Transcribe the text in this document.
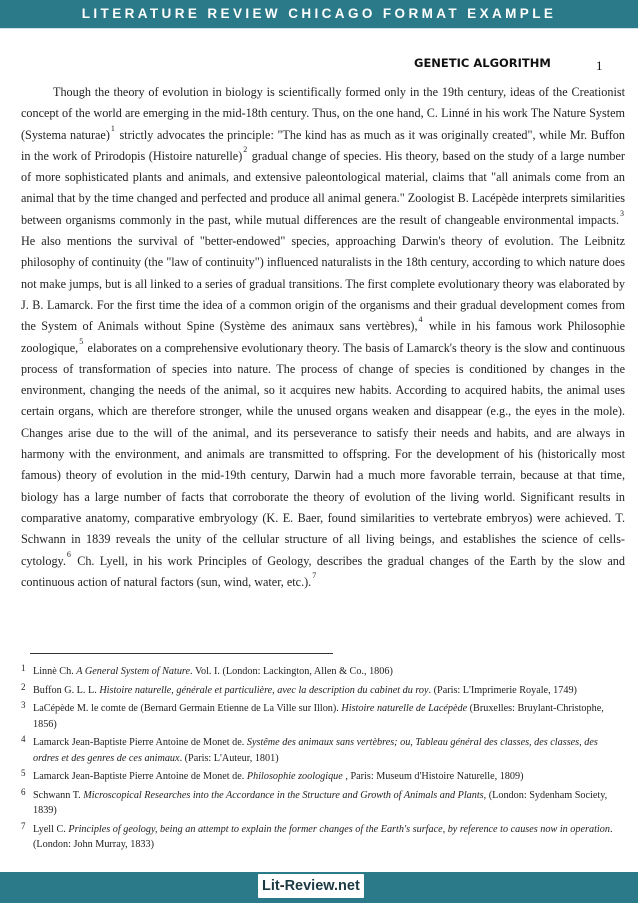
LITERATURE REVIEW CHICAGO FORMAT EXAMPLE
GENETIC ALGORITHM	1

Though the theory of evolution in biology is scientifically formed only in the 19th century, ideas of the Creationist concept of the world are emerging in the mid-18th century. Thus, on the one hand, C. Linné in his work The Nature System (Systema naturae)$^1$ strictly advocates the principle: "The kind has as much as it was originally created", while Mr. Buffon in the work of Prirodopis (Histoire naturelle)$^2$ gradual change of species. His theory, based on the study of a large number of more sophisticated plants and animals, and extensive paleontological material, claims that "all animals come from an animal that by the time changed and perfected and produce all animal genera." Zoologist B. Lacépède interprets similarities between organisms commonly in the past, while mutual differences are the result of changeable environmental impacts.$^3$ He also mentions the survival of "better-endowed" species, approaching Darwin's theory of evolution. The Leibnitz philosophy of continuity (the "law of continuity") influenced naturalists in the 18th century, according to which nature does not make jumps, but is all linked to a series of gradual transitions. The first complete evolutionary theory was elaborated by J. B. Lamarck. For the first time the idea of a common origin of the organisms and their gradual development comes from the System of Animals without Spine (Système des animaux sans vertèbres),$^4$ while in his famous work Philosophie zoologique,$^5$ elaborates on a comprehensive evolutionary theory. The basis of Lamarck's theory is the slow and continuous process of transformation of species into nature. The process of change of species is conditioned by changes in the environment, changing the needs of the animal, so it acquires new habits. According to acquired habits, the animal uses certain organs, which are therefore stronger, while the unused organs weaken and disappear (e.g., the eyes in the mole). Changes arise due to the will of the animal, and its perseverance to satisfy their needs and habits, and are always in harmony with the environment, and animals are transmitted to offspring. For the development of his (historically most famous) theory of evolution in the mid-19th century, Darwin had a much more favorable terrain, because at that time, biology has a large number of facts that corroborate the theory of evolution of the living world. Significant results in comparative anatomy, comparative embryology (K. E. Baer, found similarities to vertebrate embryos) were achieved. T. Schwann in 1839 reveals the unity of the cellular structure of all living beings, and establishes the science of cells- cytology.$^6$ Ch. Lyell, in his work Principles of Geology, describes the gradual changes of the Earth by the slow and continuous action of natural factors (sun, wind, water, etc.).$^7$

1 Linnè Ch. A General System of Nature. Vol. I. (London: Lackington, Allen & Co., 1806)
2 Buffon G. L. L. Histoire naturelle, générale et particulière, avec la description du cabinet du roy. (Paris: L'Imprimerie Royale, 1749)
3 LaCépède M. le comte de (Bernard Germain Etienne de La Ville sur Illon). Histoire naturelle de Lacépède (Bruxelles: Bruylant-Christophe, 1856)
4 Lamarck Jean-Baptiste Pierre Antoine de Monet de. Systême des animaux sans vertèbres; ou, Tableau général des classes, des classes, des ordres et des genres de ces animaux. (Paris: L'Auteur, 1801)
5 Lamarck Jean-Baptiste Pierre Antoine de Monet de. Philosophie zoologique , Paris: Museum d'Histoire Naturelle, 1809)
6 Schwann T. Microscopical Researches into the Accordance in the Structure and Growth of Animals and Plants, (London: Sydenham Society, 1839)
7 Lyell C. Principles of geology, being an attempt to explain the former changes of the Earth's surface, by reference to causes now in operation. (London: John Murray, 1833)
Lit-Review.net
